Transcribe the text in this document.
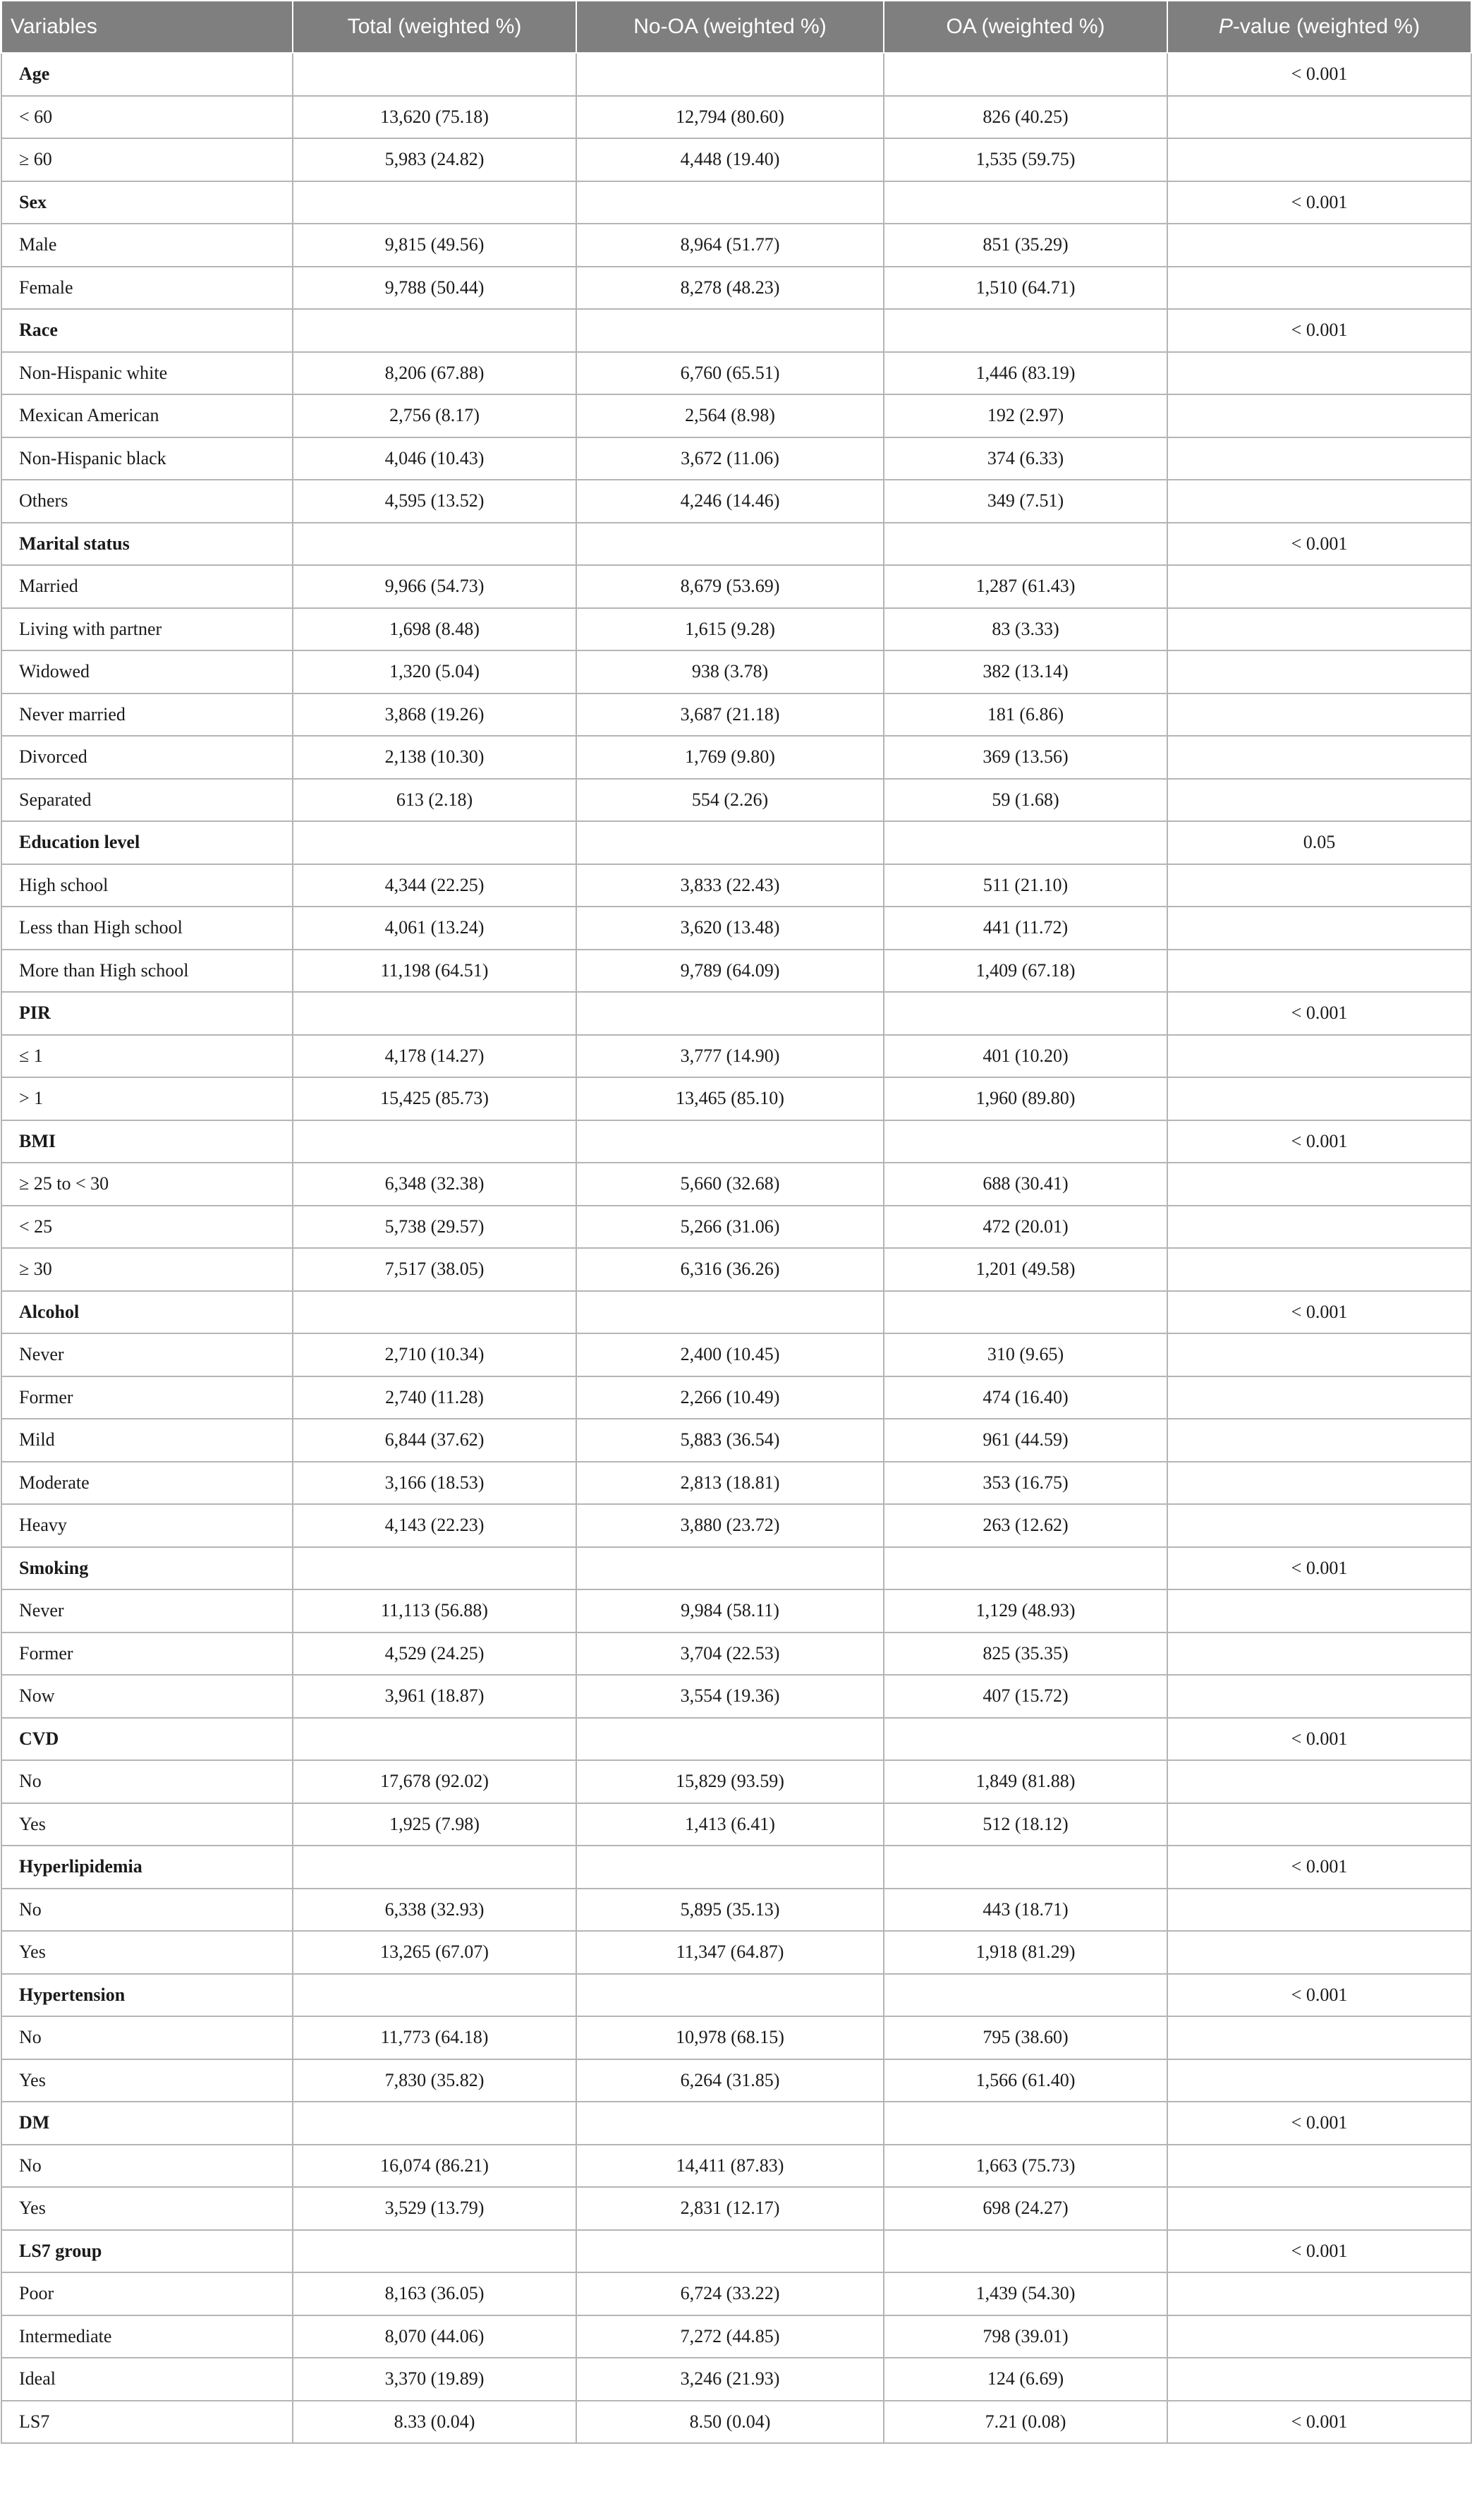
Variables	Total (weighted %)	No-OA (weighted %)	OA (weighted %)	P-value (weighted %)
Age				< 0.001
< 60	13,620 (75.18)	12,794 (80.60)	826 (40.25)	
≥ 60	5,983 (24.82)	4,448 (19.40)	1,535 (59.75)	
Sex				< 0.001
Male	9,815 (49.56)	8,964 (51.77)	851 (35.29)	
Female	9,788 (50.44)	8,278 (48.23)	1,510 (64.71)	
Race				< 0.001
Non-Hispanic white	8,206 (67.88)	6,760 (65.51)	1,446 (83.19)	
Mexican American	2,756 (8.17)	2,564 (8.98)	192 (2.97)	
Non-Hispanic black	4,046 (10.43)	3,672 (11.06)	374 (6.33)	
Others	4,595 (13.52)	4,246 (14.46)	349 (7.51)	
Marital status				< 0.001
Married	9,966 (54.73)	8,679 (53.69)	1,287 (61.43)	
Living with partner	1,698 (8.48)	1,615 (9.28)	83 (3.33)	
Widowed	1,320 (5.04)	938 (3.78)	382 (13.14)	
Never married	3,868 (19.26)	3,687 (21.18)	181 (6.86)	
Divorced	2,138 (10.30)	1,769 (9.80)	369 (13.56)	
Separated	613 (2.18)	554 (2.26)	59 (1.68)	
Education level				0.05
High school	4,344 (22.25)	3,833 (22.43)	511 (21.10)	
Less than High school	4,061 (13.24)	3,620 (13.48)	441 (11.72)	
More than High school	11,198 (64.51)	9,789 (64.09)	1,409 (67.18)	
PIR				< 0.001
≤ 1	4,178 (14.27)	3,777 (14.90)	401 (10.20)	
> 1	15,425 (85.73)	13,465 (85.10)	1,960 (89.80)	
BMI				< 0.001
≥ 25 to < 30	6,348 (32.38)	5,660 (32.68)	688 (30.41)	
< 25	5,738 (29.57)	5,266 (31.06)	472 (20.01)	
≥ 30	7,517 (38.05)	6,316 (36.26)	1,201 (49.58)	
Alcohol				< 0.001
Never	2,710 (10.34)	2,400 (10.45)	310 (9.65)	
Former	2,740 (11.28)	2,266 (10.49)	474 (16.40)	
Mild	6,844 (37.62)	5,883 (36.54)	961 (44.59)	
Moderate	3,166 (18.53)	2,813 (18.81)	353 (16.75)	
Heavy	4,143 (22.23)	3,880 (23.72)	263 (12.62)	
Smoking				< 0.001
Never	11,113 (56.88)	9,984 (58.11)	1,129 (48.93)	
Former	4,529 (24.25)	3,704 (22.53)	825 (35.35)	
Now	3,961 (18.87)	3,554 (19.36)	407 (15.72)	
CVD				< 0.001
No	17,678 (92.02)	15,829 (93.59)	1,849 (81.88)	
Yes	1,925 (7.98)	1,413 (6.41)	512 (18.12)	
Hyperlipidemia				< 0.001
No	6,338 (32.93)	5,895 (35.13)	443 (18.71)	
Yes	13,265 (67.07)	11,347 (64.87)	1,918 (81.29)	
Hypertension				< 0.001
No	11,773 (64.18)	10,978 (68.15)	795 (38.60)	
Yes	7,830 (35.82)	6,264 (31.85)	1,566 (61.40)	
DM				< 0.001
No	16,074 (86.21)	14,411 (87.83)	1,663 (75.73)	
Yes	3,529 (13.79)	2,831 (12.17)	698 (24.27)	
LS7 group				< 0.001
Poor	8,163 (36.05)	6,724 (33.22)	1,439 (54.30)	
Intermediate	8,070 (44.06)	7,272 (44.85)	798 (39.01)	
Ideal	3,370 (19.89)	3,246 (21.93)	124 (6.69)	
LS7	8.33 (0.04)	8.50 (0.04)	7.21 (0.08)	< 0.001
